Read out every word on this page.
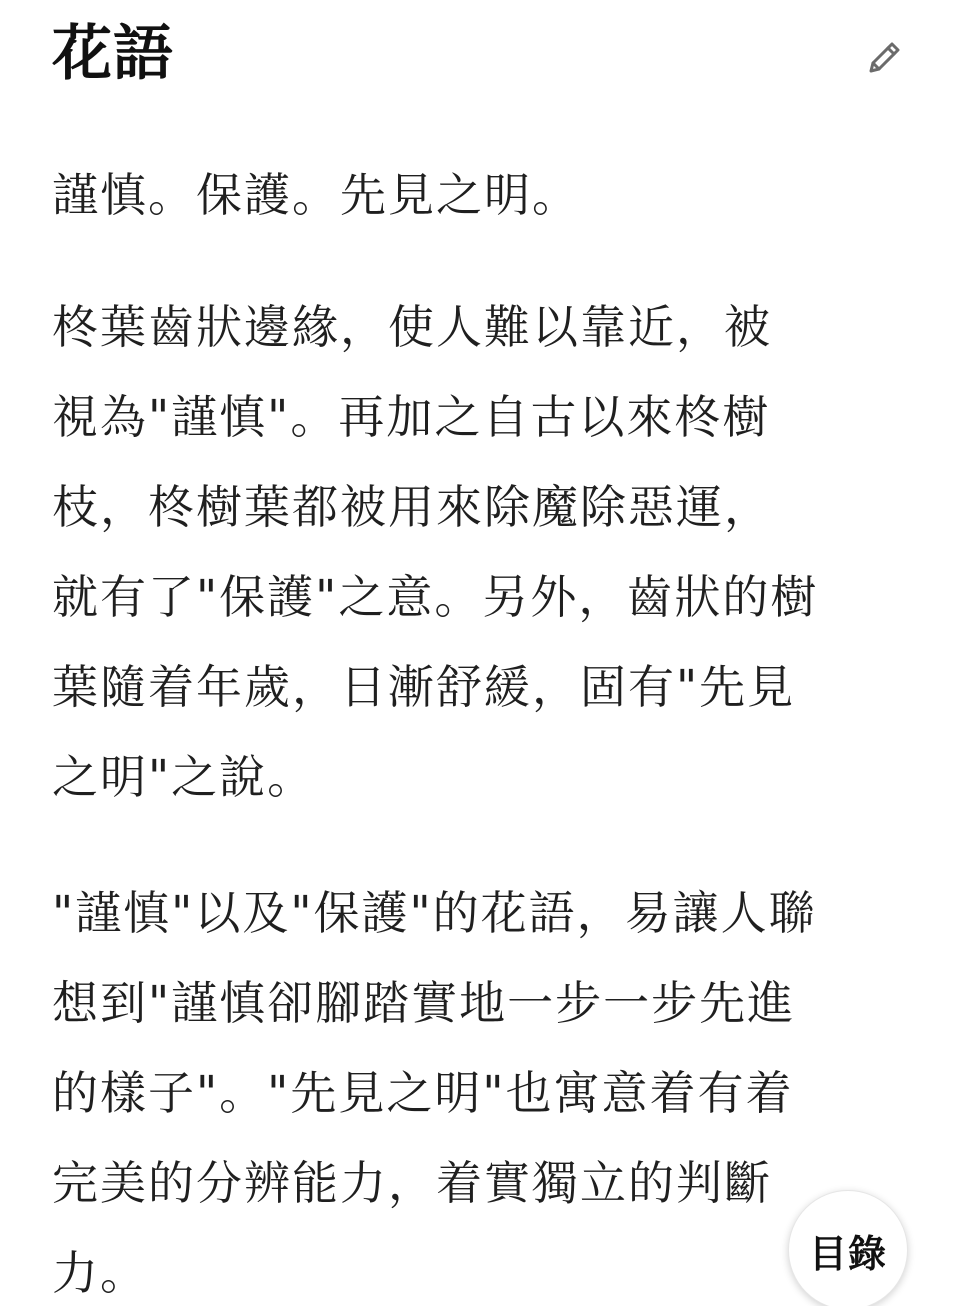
花語

謹慎。保護。先見之明。

柊葉齒狀邊緣，使人難以靠近，被
視為"謹慎"。再加之自古以來柊樹
枝，柊樹葉都被用來除魔除惡運，
就有了"保護"之意。另外，齒狀的樹
葉隨着年歲，日漸舒緩，固有"先見
之明"之說。

"謹慎"以及"保護"的花語，易讓人聯
想到"謹慎卻腳踏實地一步一步先進
的樣子"。"先見之明"也寓意着有着
完美的分辨能力，着實獨立的判斷
力。	目錄
